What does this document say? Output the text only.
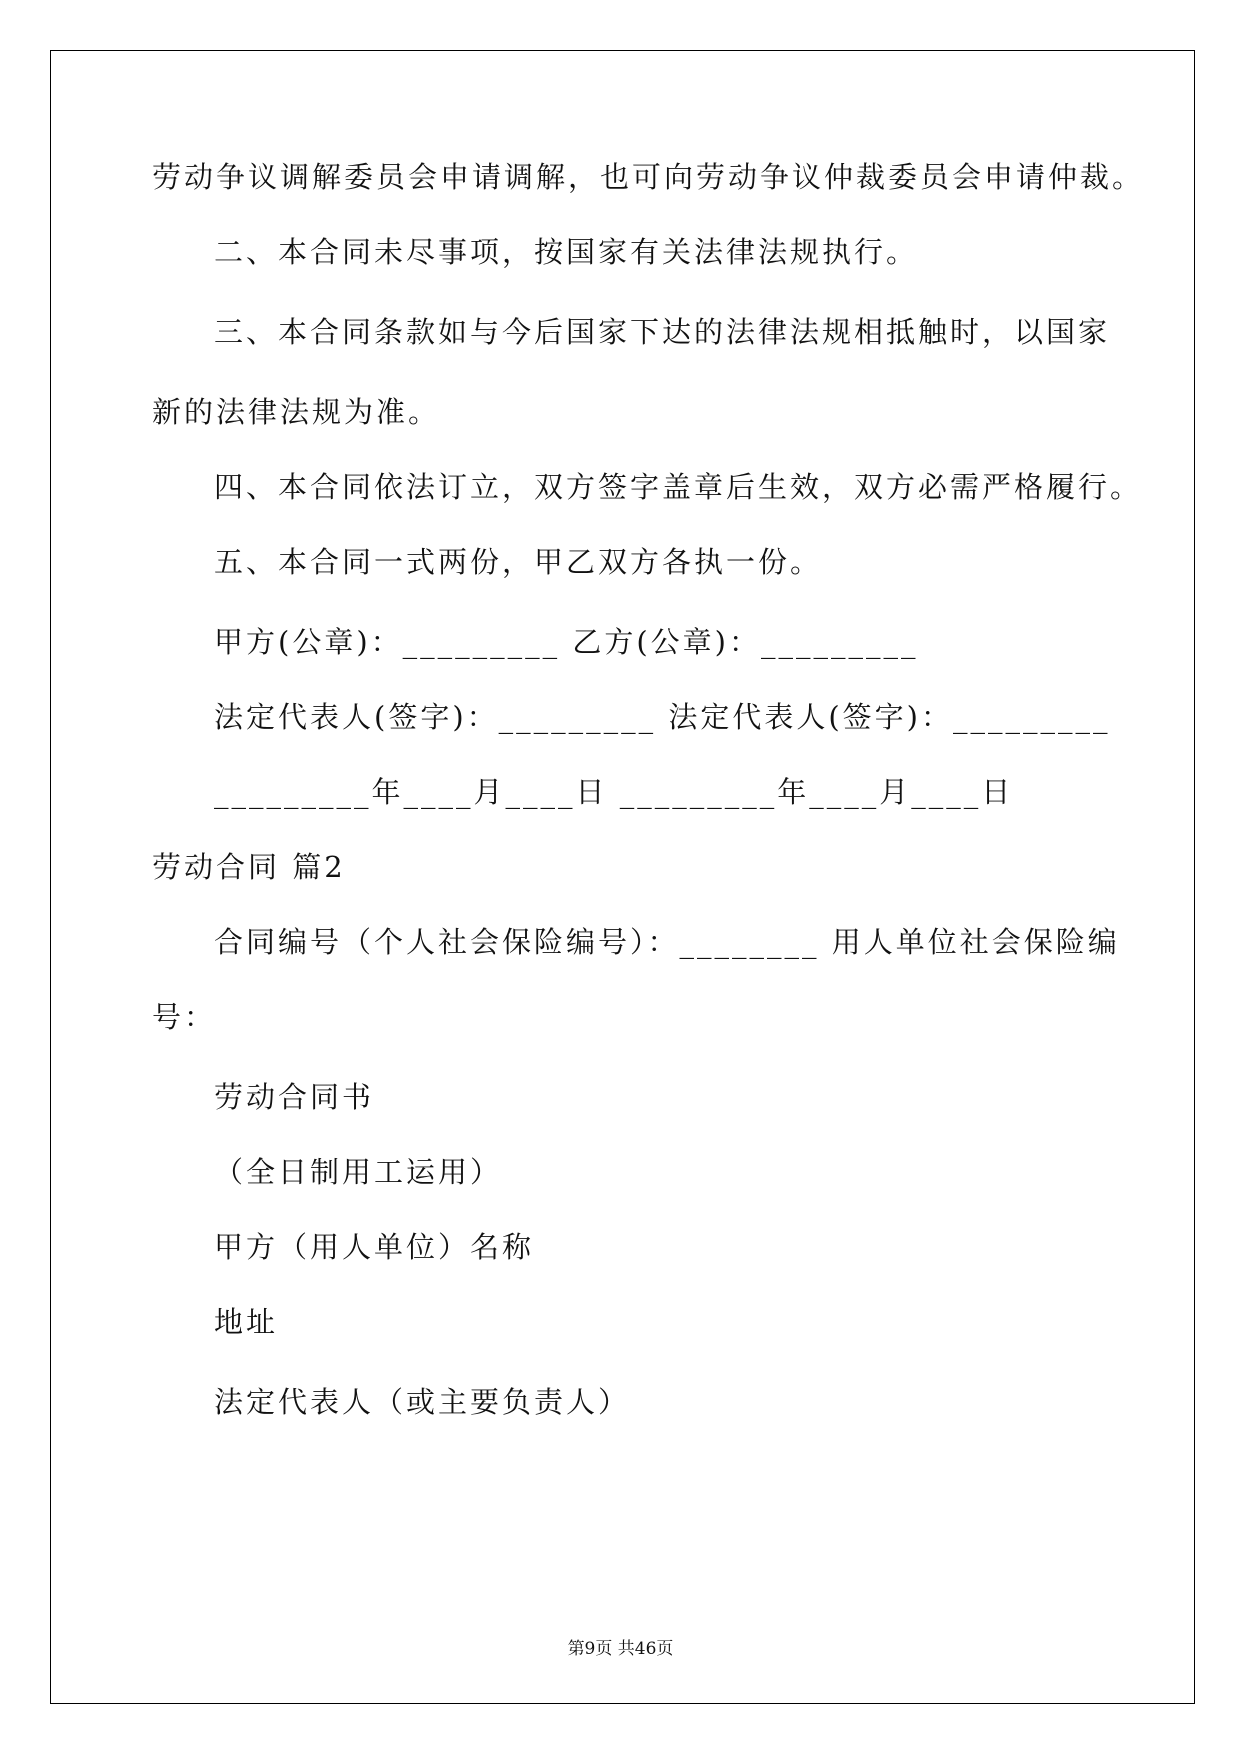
劳动争议调解委员会申请调解，也可向劳动争议仲裁委员会申请仲裁。
二、本合同未尽事项，按国家有关法律法规执行。
三、本合同条款如与今后国家下达的法律法规相抵触时，以国家
新的法律法规为准。
四、本合同依法订立，双方签字盖章后生效，双方必需严格履行。
五、本合同一式两份，甲乙双方各执一份。
甲方(公章)：_________ 乙方(公章)：_________
法定代表人(签字)：_________ 法定代表人(签字)：_________
_________年____月____日 _________年____月____日
劳动合同 篇2
合同编号（个人社会保险编号）：________ 用人单位社会保险编
号：
劳动合同书
（全日制用工运用）
甲方（用人单位）名称
地址
法定代表人（或主要负责人）
第9页 共46页
